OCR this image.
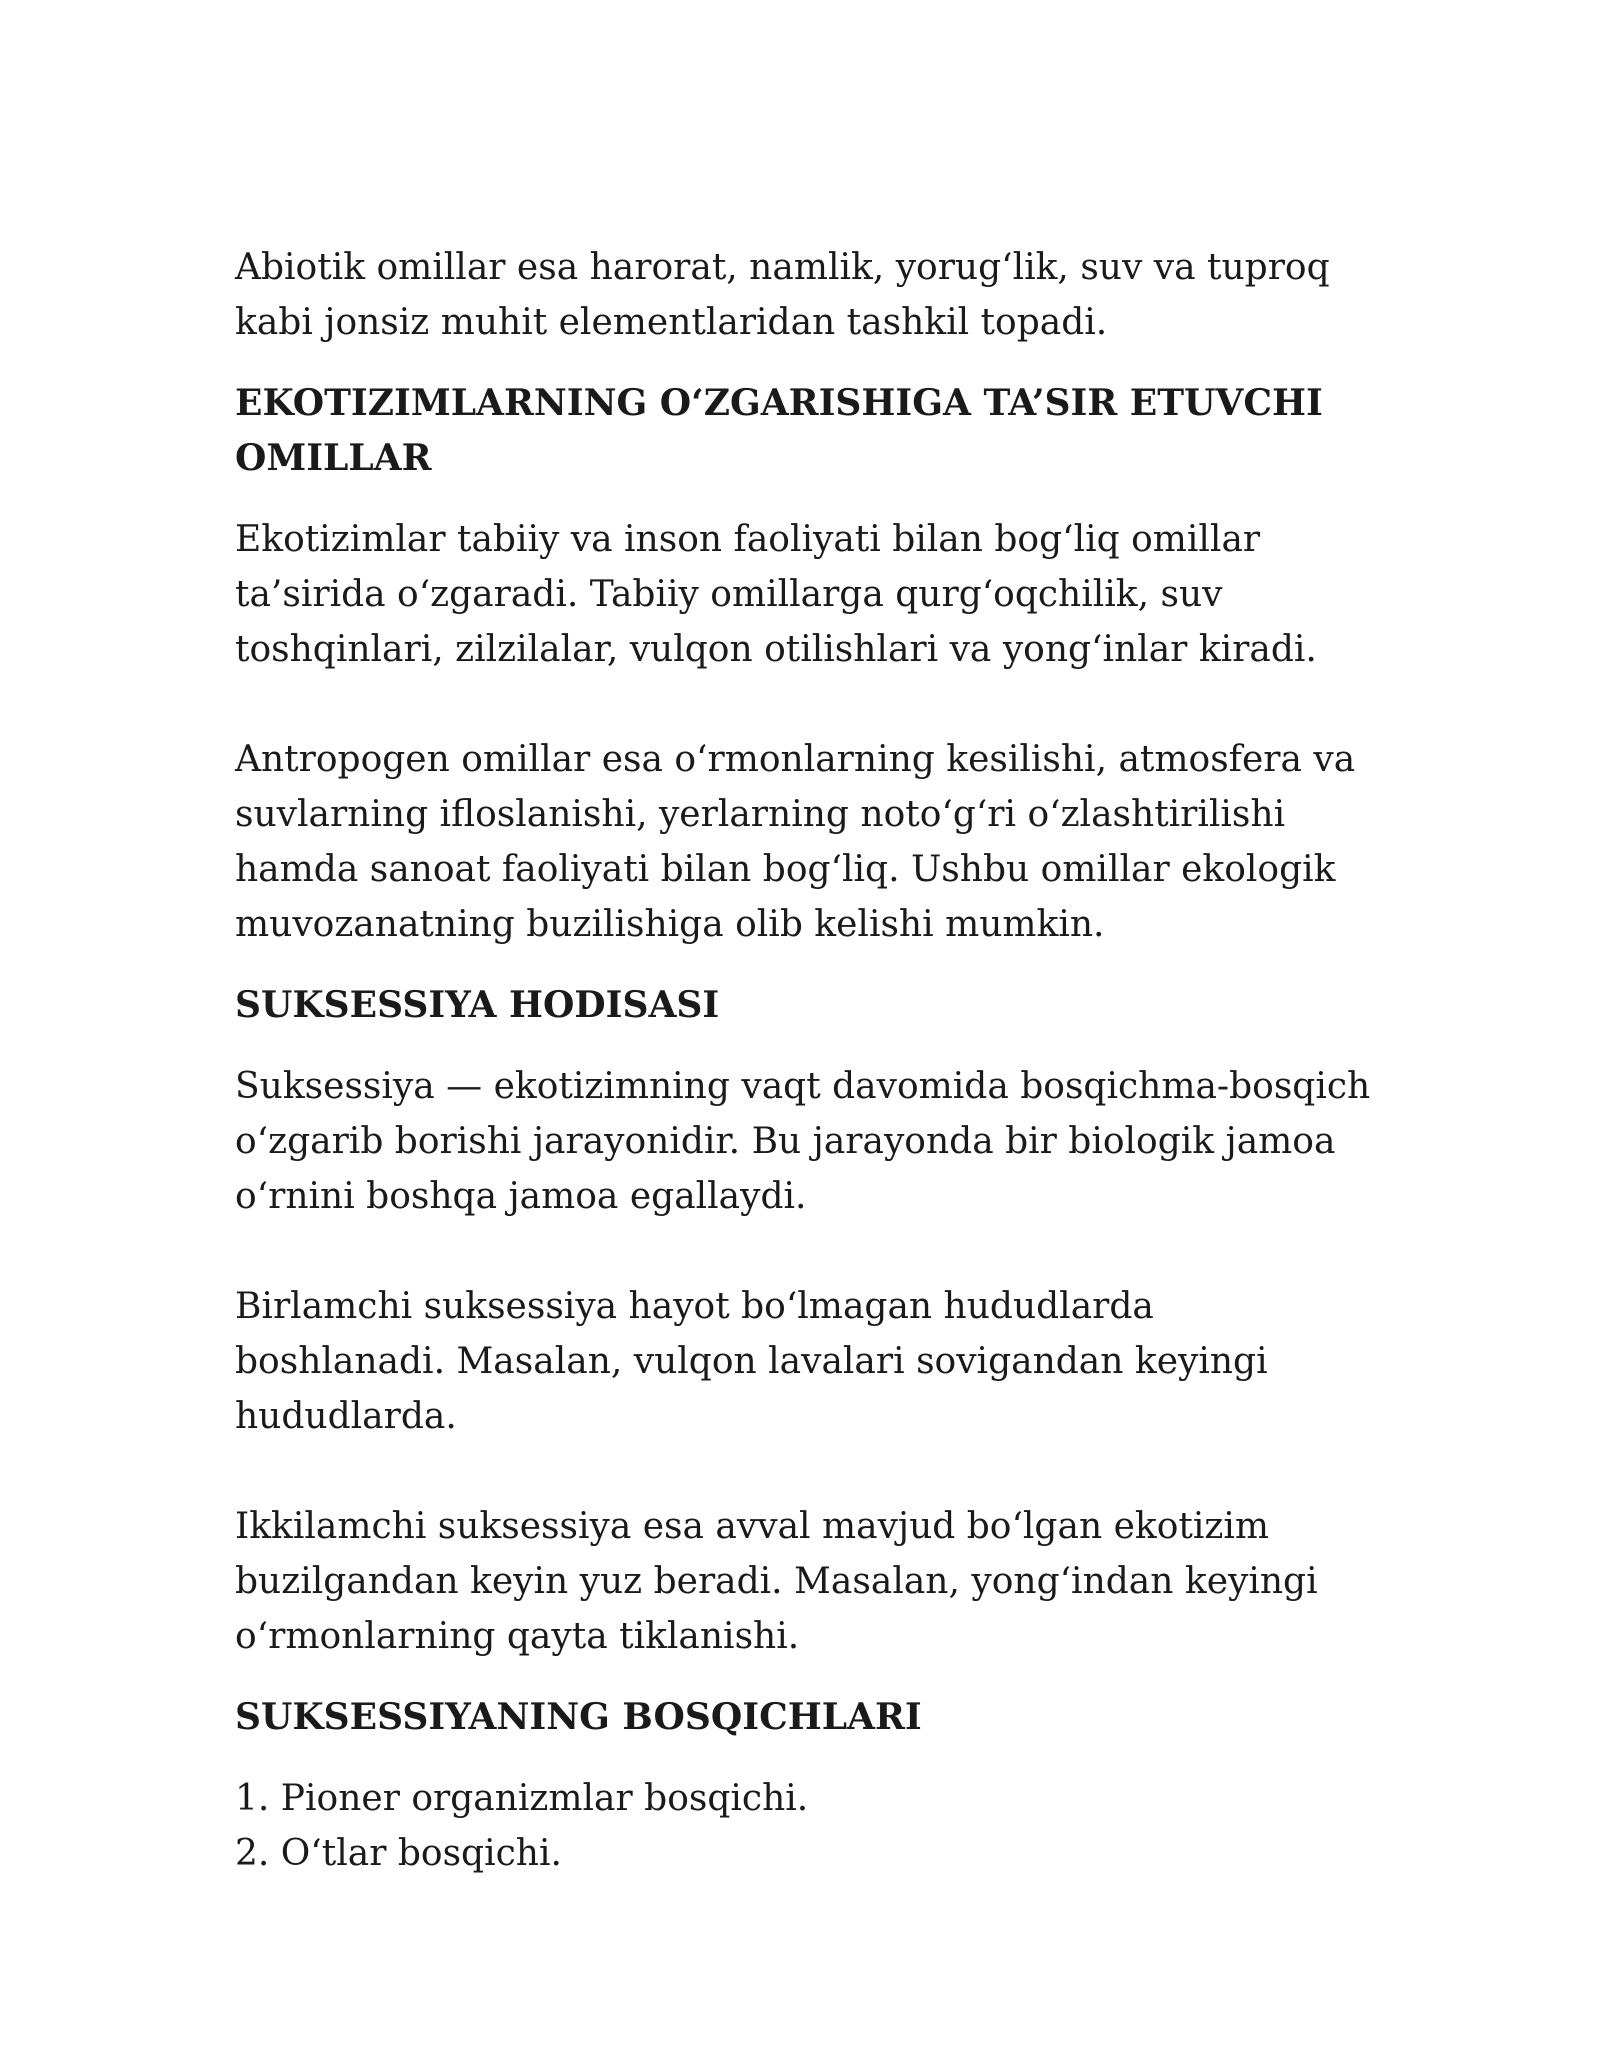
Abiotik omillar esa harorat, namlik, yorug‘lik, suv va tuproq kabi jonsiz muhit elementlaridan tashkil topadi.

EKOTIZIMLARNING O‘ZGARISHIGA TA’SIR ETUVCHI OMILLAR

Ekotizimlar tabiiy va inson faoliyati bilan bog‘liq omillar ta’sirida o‘zgaradi. Tabiiy omillarga qurg‘oqchilik, suv toshqinlari, zilzilalar, vulqon otilishlari va yong‘inlar kiradi.

Antropogen omillar esa o‘rmonlarning kesilishi, atmosfera va suvlarning ifloslanishi, yerlarning noto‘g‘ri o‘zlashtirilishi hamda sanoat faoliyati bilan bog‘liq. Ushbu omillar ekologik muvozanatning buzilishiga olib kelishi mumkin.

SUKSESSIYA HODISASI

Suksessiya — ekotizimning vaqt davomida bosqichma-bosqich o‘zgarib borishi jarayonidir. Bu jarayonda bir biologik jamoa o‘rnini boshqa jamoa egallaydi.

Birlamchi suksessiya hayot bo‘lmagan hududlarda boshlanadi. Masalan, vulqon lavalari sovigandan keyingi hududlarda.

Ikkilamchi suksessiya esa avval mavjud bo‘lgan ekotizim buzilgandan keyin yuz beradi. Masalan, yong‘indan keyingi o‘rmonlarning qayta tiklanishi.

SUKSESSIYANING BOSQICHLARI

1. Pioner organizmlar bosqichi.

2. O‘tlar bosqichi.
